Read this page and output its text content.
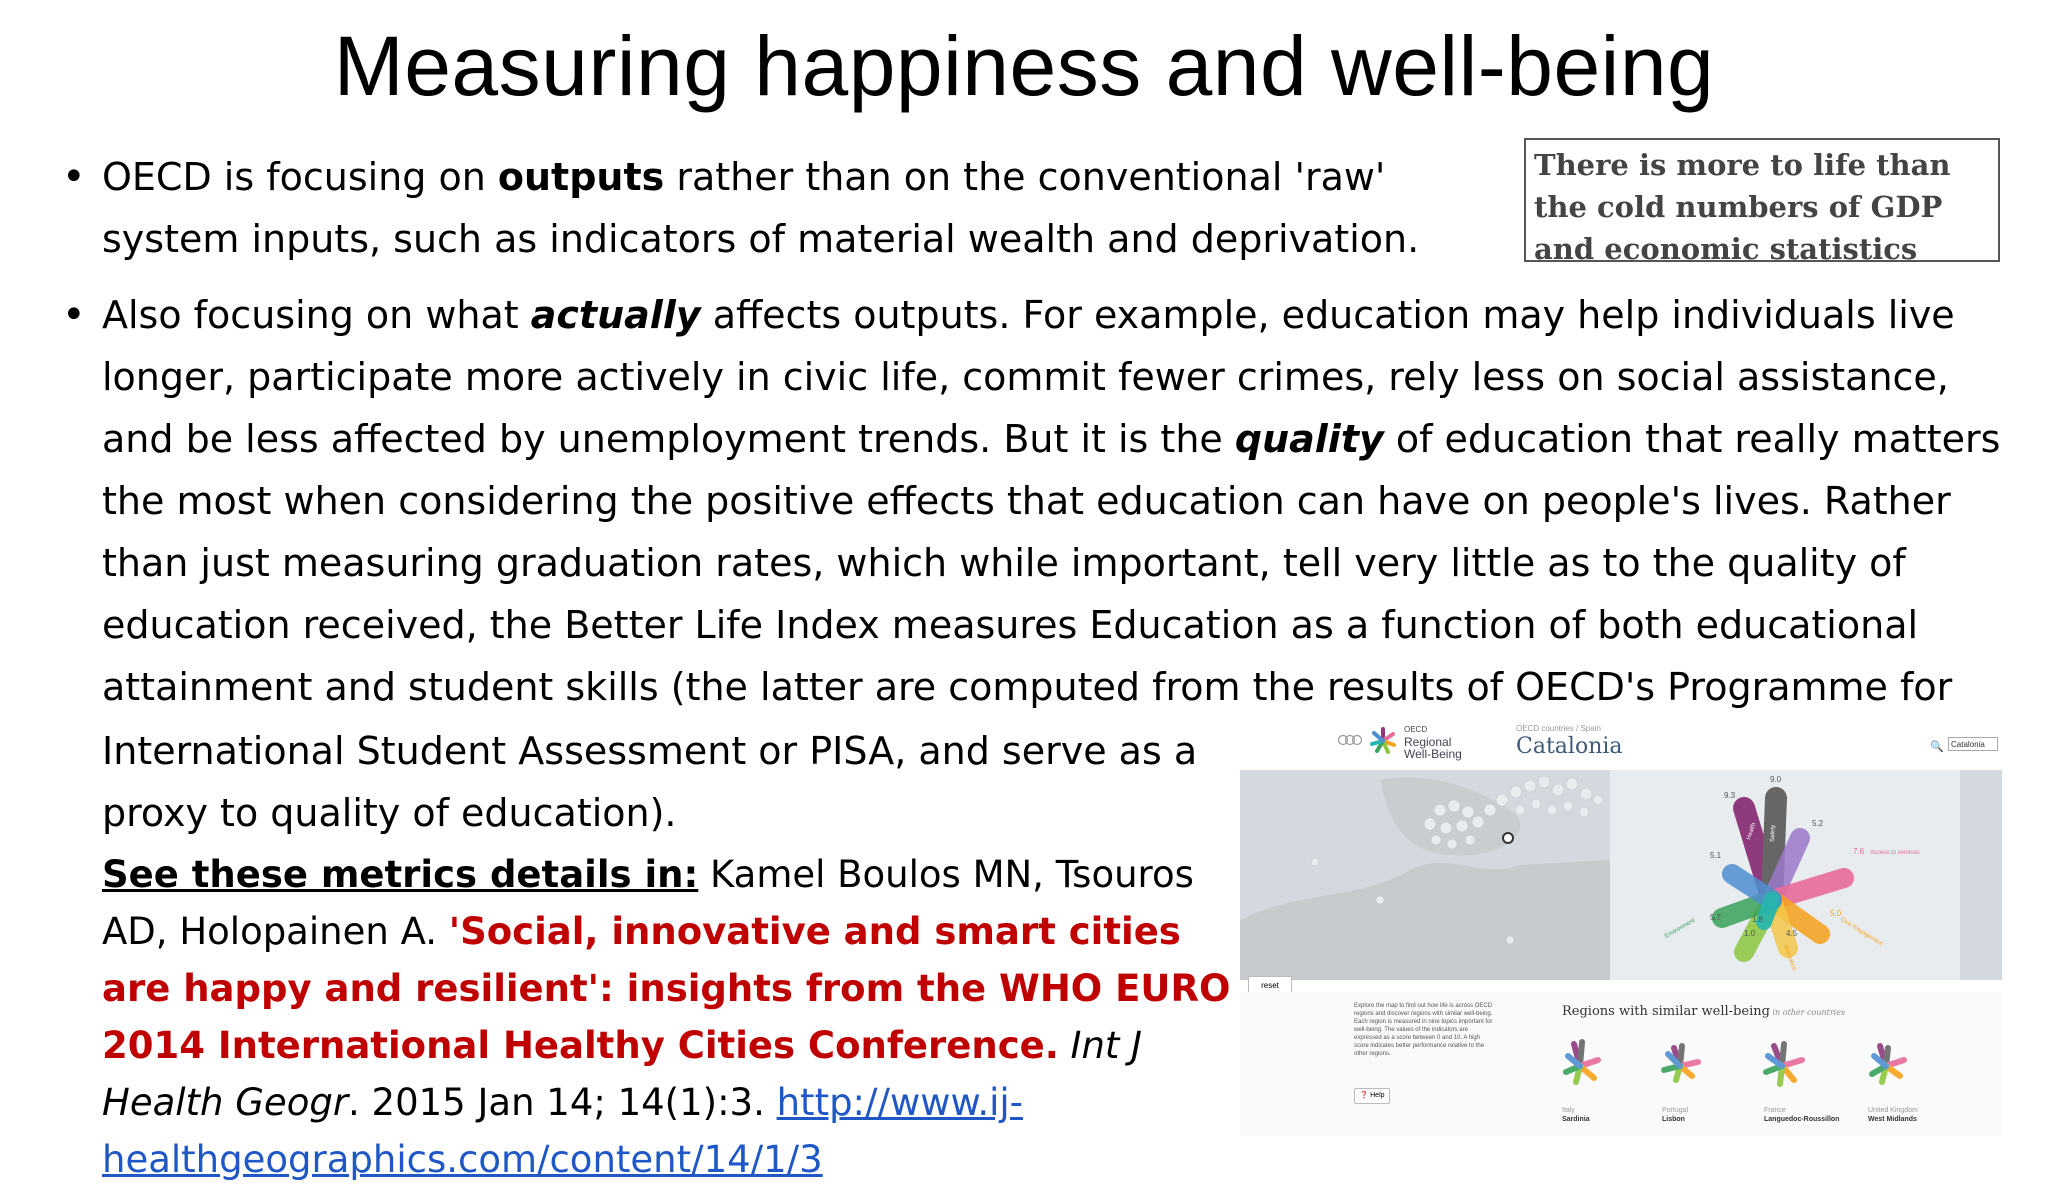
Measuring happiness and well-being
• OECD is focusing on outputs rather than on the conventional 'raw' system inputs, such as indicators of material wealth and deprivation.
There is more to life than the cold numbers of GDP and economic statistics
• Also focusing on what actually affects outputs. For example, education may help individuals live longer, participate more actively in civic life, commit fewer crimes, rely less on social assistance, and be less affected by unemployment trends. But it is the quality of education that really matters the most when considering the positive effects that education can have on people's lives. Rather than just measuring graduation rates, which while important, tell very little as to the quality of education received, the Better Life Index measures Education as a function of both educational attainment and student skills (the latter are computed from the results of OECD's Programme for
International Student Assessment or PISA, and serve as a proxy to quality of education).
See these metrics details in: Kamel Boulos MN, Tsouros AD, Holopainen A. 'Social, innovative and smart cities are happy and resilient': insights from the WHO EURO 2014 International Healthy Cities Conference. Int J Health Geogr. 2015 Jan 14; 14(1):3. http://www.ij-healthgeographics.com/content/14/1/3
OECD
Regional
Well-Being
OECD countries / Spain
Catalonia	🔍 Catalonia
9.3
9.0
5.2
7.6 Access to services
5.1
5.7	1.8
1.0	4.5
5.0
Civic Engagement
Environment
Education
Health Safety
reset
Explore the map to find out how life is across OECD regions and discover regions with similar well-being. Each region is measured in nine topics important for well-being. The values of the indicators are expressed as a score between 0 and 10. A high score indicates better performance relative to the other regions.
❓ Help
Regions with similar well-being in other countries
Italy
Sardinia
Portugal
Lisbon
France
Languedoc-Roussillon
United Kingdom
West Midlands
